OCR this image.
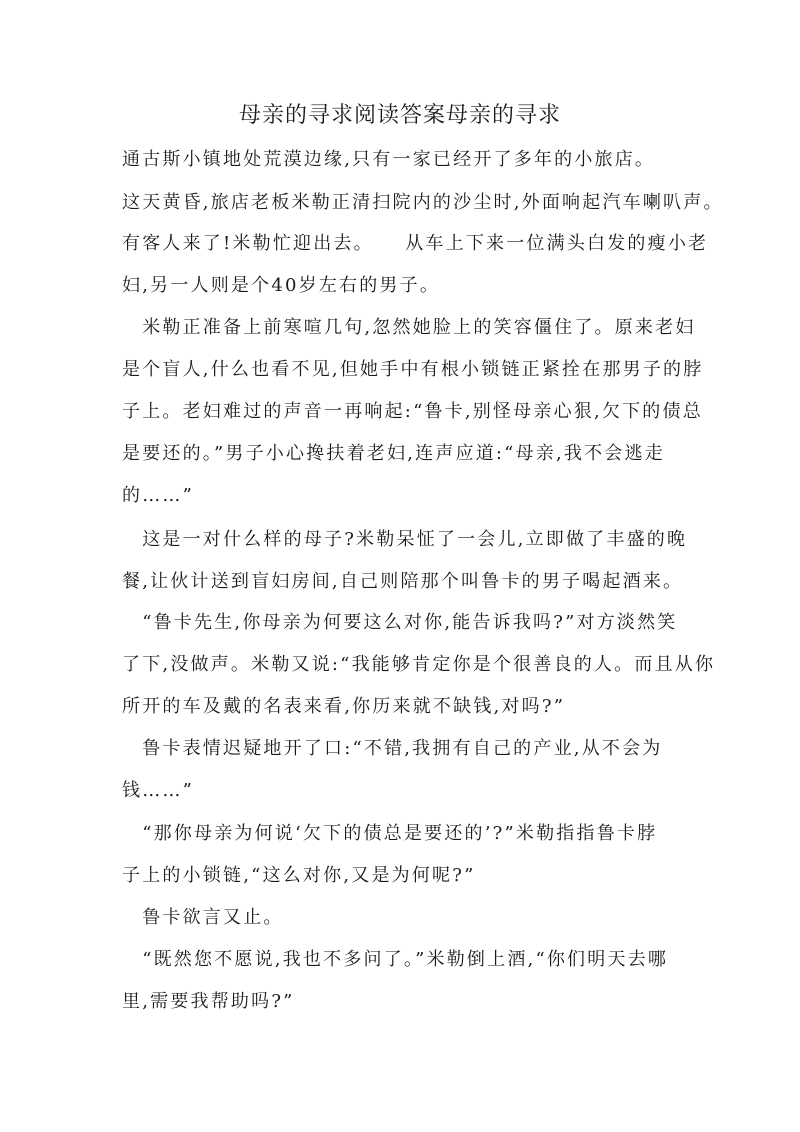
母亲的寻求阅读答案母亲的寻求
通古斯小镇地处荒漠边缘,只有一家已经开了多年的小旅店。
这天黄昏,旅店老板米勒正清扫院内的沙尘时,外面响起汽车喇叭声。
有客人来了!米勒忙迎出去。　　从车上下来一位满头白发的瘦小老
妇,另一人则是个40岁左右的男子。
　米勒正准备上前寒喧几句,忽然她脸上的笑容僵住了。原来老妇
是个盲人,什么也看不见,但她手中有根小锁链正紧拴在那男子的脖
子上。老妇难过的声音一再响起:“鲁卡,别怪母亲心狠,欠下的债总
是要还的。”男子小心搀扶着老妇,连声应道:“母亲,我不会逃走
的……”
　这是一对什么样的母子?米勒呆怔了一会儿,立即做了丰盛的晚
餐,让伙计送到盲妇房间,自己则陪那个叫鲁卡的男子喝起酒来。
　“鲁卡先生,你母亲为何要这么对你,能告诉我吗?”对方淡然笑
了下,没做声。米勒又说:“我能够肯定你是个很善良的人。而且从你
所开的车及戴的名表来看,你历来就不缺钱,对吗?”
　鲁卡表情迟疑地开了口:“不错,我拥有自己的产业,从不会为
钱……”
　“那你母亲为何说‘欠下的债总是要还的’?”米勒指指鲁卡脖
子上的小锁链,“这么对你,又是为何呢?”
　鲁卡欲言又止。
　“既然您不愿说,我也不多问了。”米勒倒上酒,“你们明天去哪
里,需要我帮助吗?”
